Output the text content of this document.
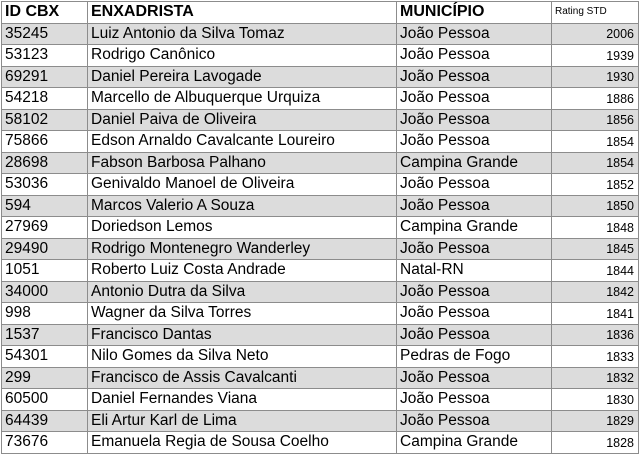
ID CBX	ENXADRISTA	MUNICÍPIO	Rating STD
35245	Luiz Antonio da Silva Tomaz	João Pessoa	2006
53123	Rodrigo Canônico	João Pessoa	1939
69291	Daniel Pereira Lavogade	João Pessoa	1930
54218	Marcello de Albuquerque Urquiza	João Pessoa	1886
58102	Daniel Paiva de Oliveira	João Pessoa	1856
75866	Edson Arnaldo Cavalcante Loureiro	João Pessoa	1854
28698	Fabson Barbosa Palhano	Campina Grande	1854
53036	Genivaldo Manoel de Oliveira	João Pessoa	1852
594	Marcos Valerio A Souza	João Pessoa	1850
27969	Doriedson Lemos	Campina Grande	1848
29490	Rodrigo Montenegro Wanderley	João Pessoa	1845
1051	Roberto Luiz Costa Andrade	Natal-RN	1844
34000	Antonio Dutra da Silva	João Pessoa	1842
998	Wagner da Silva Torres	João Pessoa	1841
1537	Francisco Dantas	João Pessoa	1836
54301	Nilo Gomes da Silva Neto	Pedras de Fogo	1833
299	Francisco de Assis Cavalcanti	João Pessoa	1832
60500	Daniel Fernandes Viana	João Pessoa	1830
64439	Eli Artur Karl de Lima	João Pessoa	1829
73676	Emanuela Regia de Sousa Coelho	Campina Grande	1828
